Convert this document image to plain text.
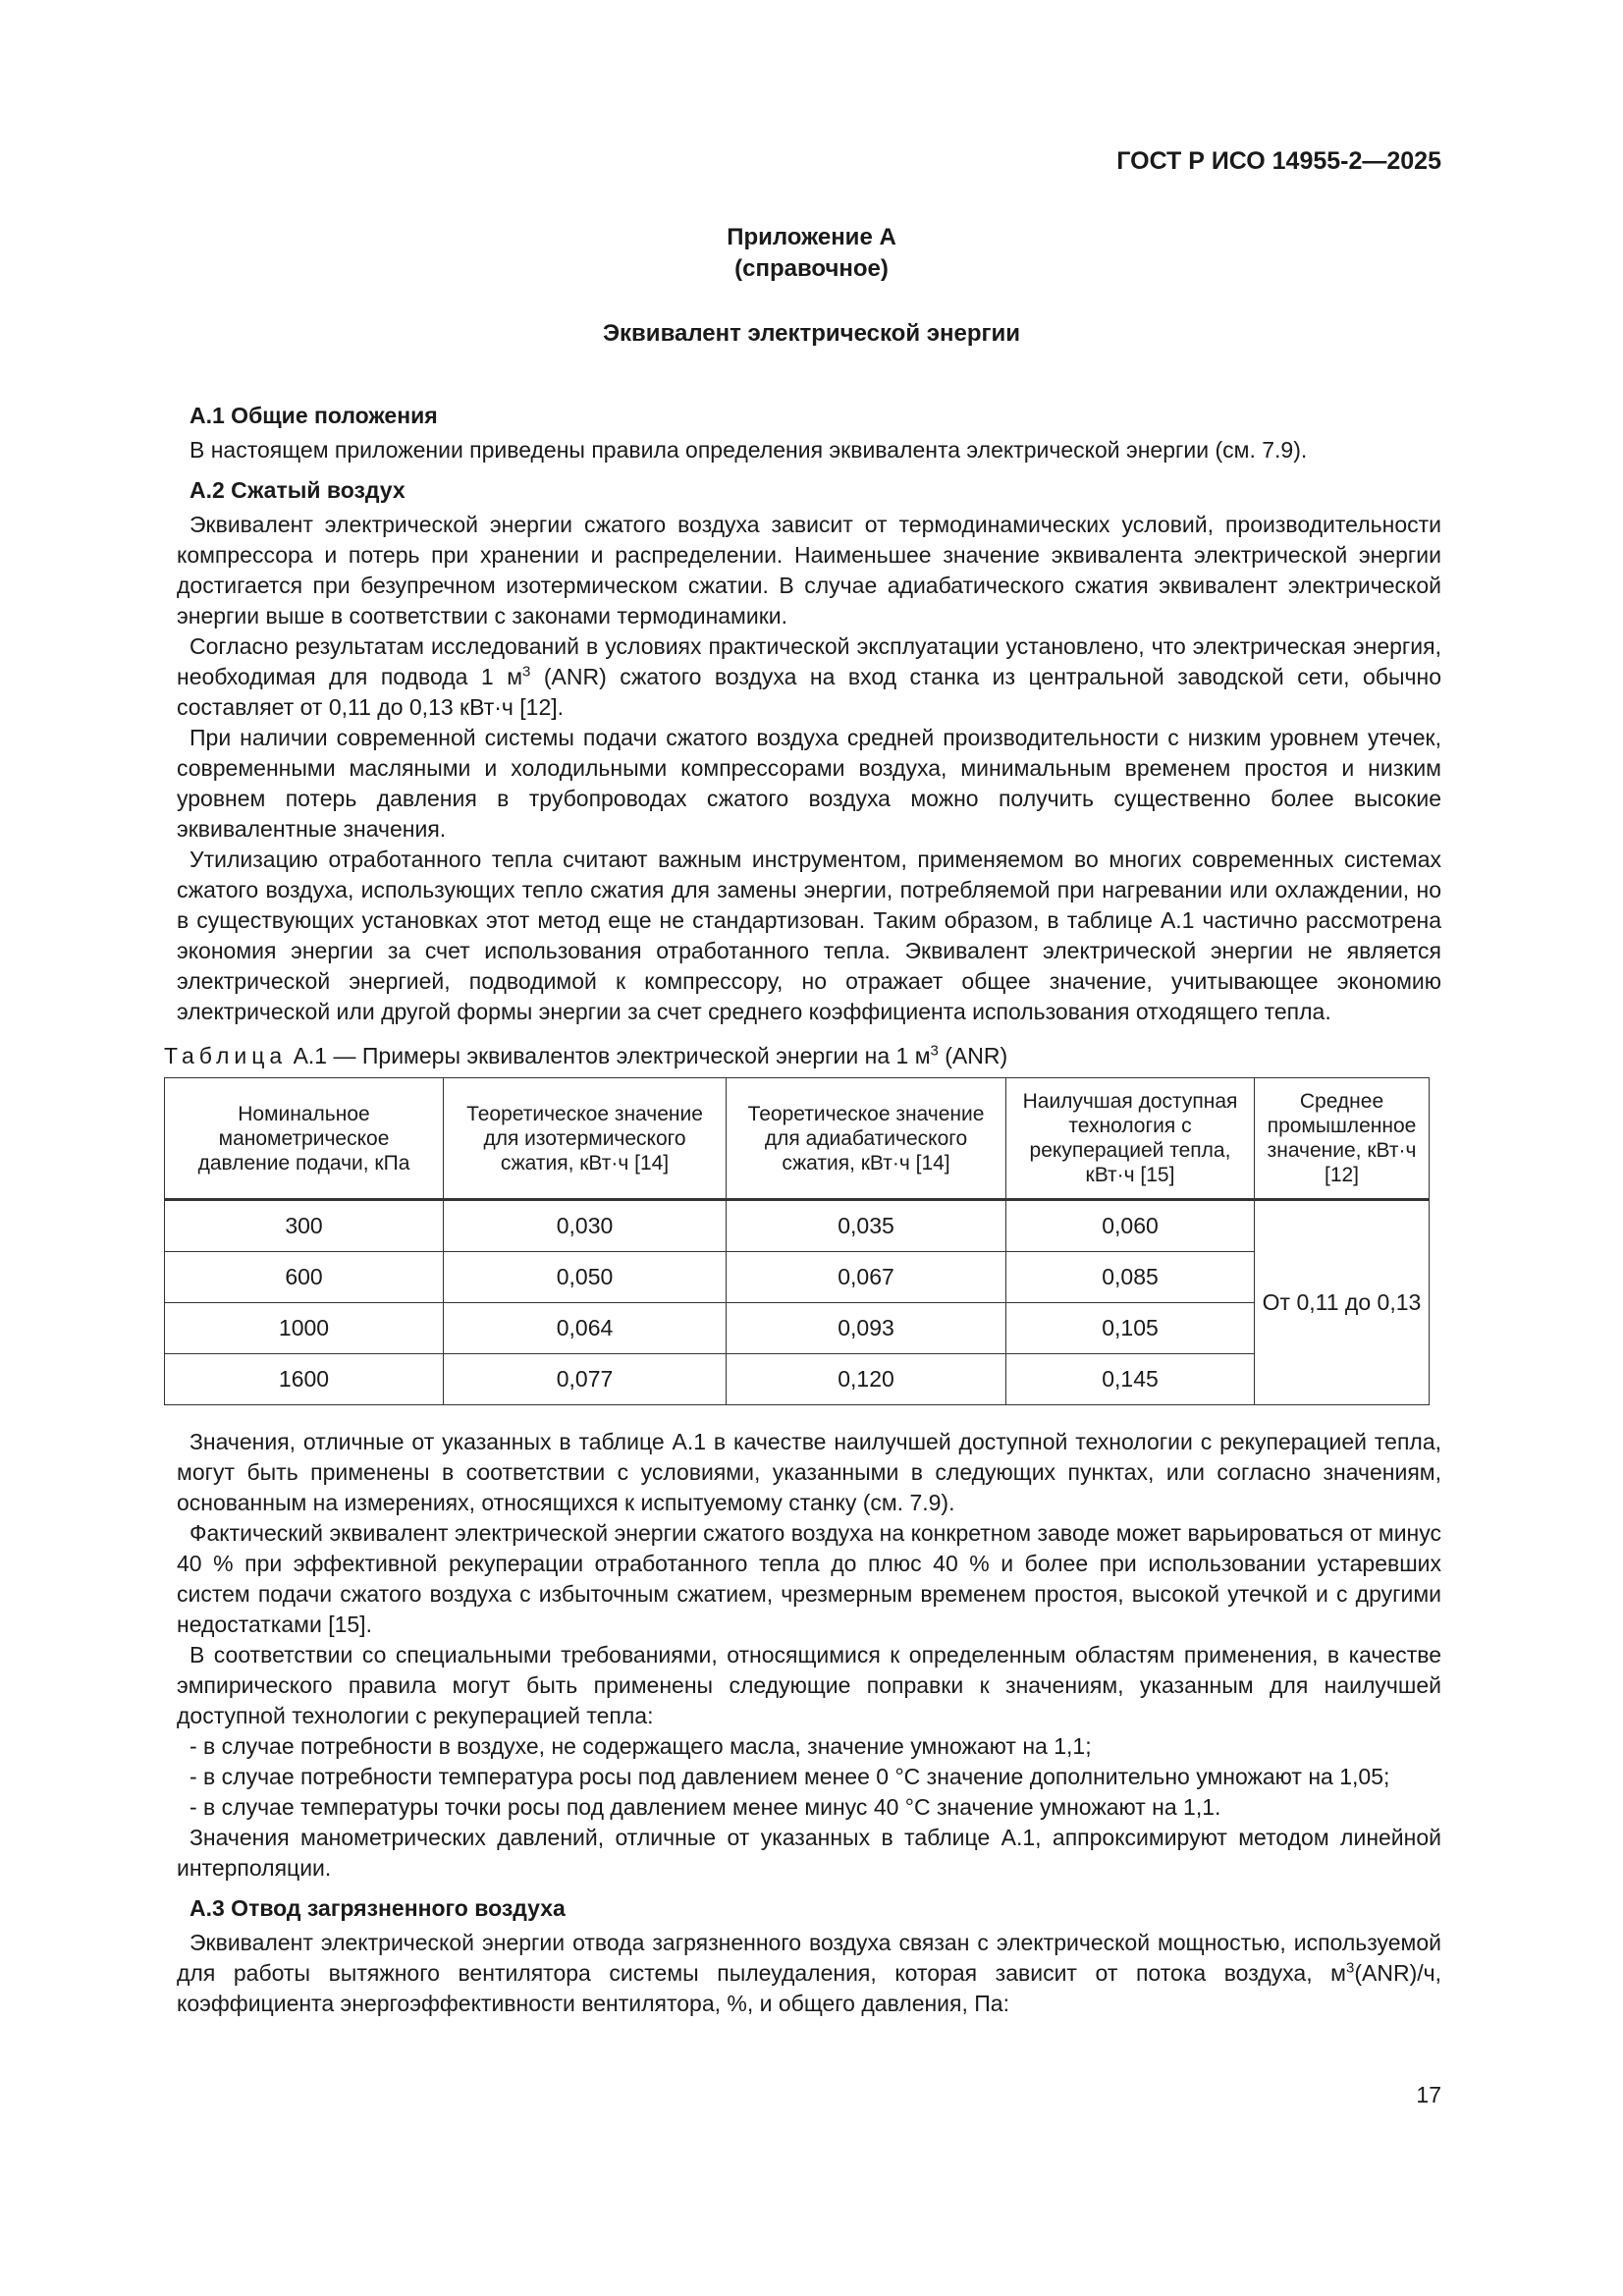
ГОСТ Р ИСО 14955-2—2025
Приложение А
(справочное)
Эквивалент электрической энергии
А.1 Общие положения

В настоящем приложении приведены правила определения эквивалента электрической энергии (см. 7.9).

А.2 Сжатый воздух

Эквивалент электрической энергии сжатого воздуха зависит от термодинамических условий, производительности компрессора и потерь при хранении и распределении. Наименьшее значение эквивалента электрической энергии достигается при безупречном изотермическом сжатии. В случае адиабатического сжатия эквивалент электрической энергии выше в соответствии с законами термодинамики.

Согласно результатам исследований в условиях практической эксплуатации установлено, что электрическая энергия, необходимая для подвода 1 $м^3$ (ANR) сжатого воздуха на вход станка из центральной заводской сети, обычно составляет от 0,11 до 0,13 кВт·ч [12].

При наличии современной системы подачи сжатого воздуха средней производительности с низким уровнем утечек, современными масляными и холодильными компрессорами воздуха, минимальным временем простоя и низким уровнем потерь давления в трубопроводах сжатого воздуха можно получить существенно более высокие эквивалентные значения.

Утилизацию отработанного тепла считают важным инструментом, применяемом во многих современных системах сжатого воздуха, использующих тепло сжатия для замены энергии, потребляемой при нагревании или охлаждении, но в существующих установках этот метод еще не стандартизован. Таким образом, в таблице А.1 частично рассмотрена экономия энергии за счет использования отработанного тепла. Эквивалент электрической энергии не является электрической энергией, подводимой к компрессору, но отражает общее значение, учитывающее экономию электрической или другой формы энергии за счет среднего коэффициента использования отходящего тепла.

Таблица А.1 — Примеры эквивалентов электрической энергии на 1 $м^3$ (ANR)
Номинальное манометрическое давление подачи, кПа	Теоретическое значение для изотермического сжатия, кВт·ч [14]	Теоретическое значение для адиабатического сжатия, кВт·ч [14]	Наилучшая доступная технология с рекуперацией тепла, кВт·ч [15]	Среднее промышленное значение, кВт·ч [12]
300	0,030	0,035	0,060	От 0,11 до 0,13
600	0,050	0,067	0,085	
1000	0,064	0,093	0,105	
1600	0,077	0,120	0,145	

Значения, отличные от указанных в таблице А.1 в качестве наилучшей доступной технологии с рекуперацией тепла, могут быть применены в соответствии с условиями, указанными в следующих пунктах, или согласно значениям, основанным на измерениях, относящихся к испытуемому станку (см. 7.9).

Фактический эквивалент электрической энергии сжатого воздуха на конкретном заводе может варьироваться от минус 40 % при эффективной рекуперации отработанного тепла до плюс 40 % и более при использовании устаревших систем подачи сжатого воздуха с избыточным сжатием, чрезмерным временем простоя, высокой утечкой и с другими недостатками [15].

В соответствии со специальными требованиями, относящимися к определенным областям применения, в качестве эмпирического правила могут быть применены следующие поправки к значениям, указанным для наилучшей доступной технологии с рекуперацией тепла:

- в случае потребности в воздухе, не содержащего масла, значение умножают на 1,1;

- в случае потребности температура росы под давлением менее 0 °С значение дополнительно умножают на 1,05;

- в случае температуры точки росы под давлением менее минус 40 °С значение умножают на 1,1.

Значения манометрических давлений, отличные от указанных в таблице А.1, аппроксимируют методом линейной интерполяции.

А.3 Отвод загрязненного воздуха

Эквивалент электрической энергии отвода загрязненного воздуха связан с электрической мощностью, используемой для работы вытяжного вентилятора системы пылеудаления, которая зависит от потока воздуха, $м^3(ANR)/ч$, коэффициента энергоэффективности вентилятора, %, и общего давления, Па:

17
